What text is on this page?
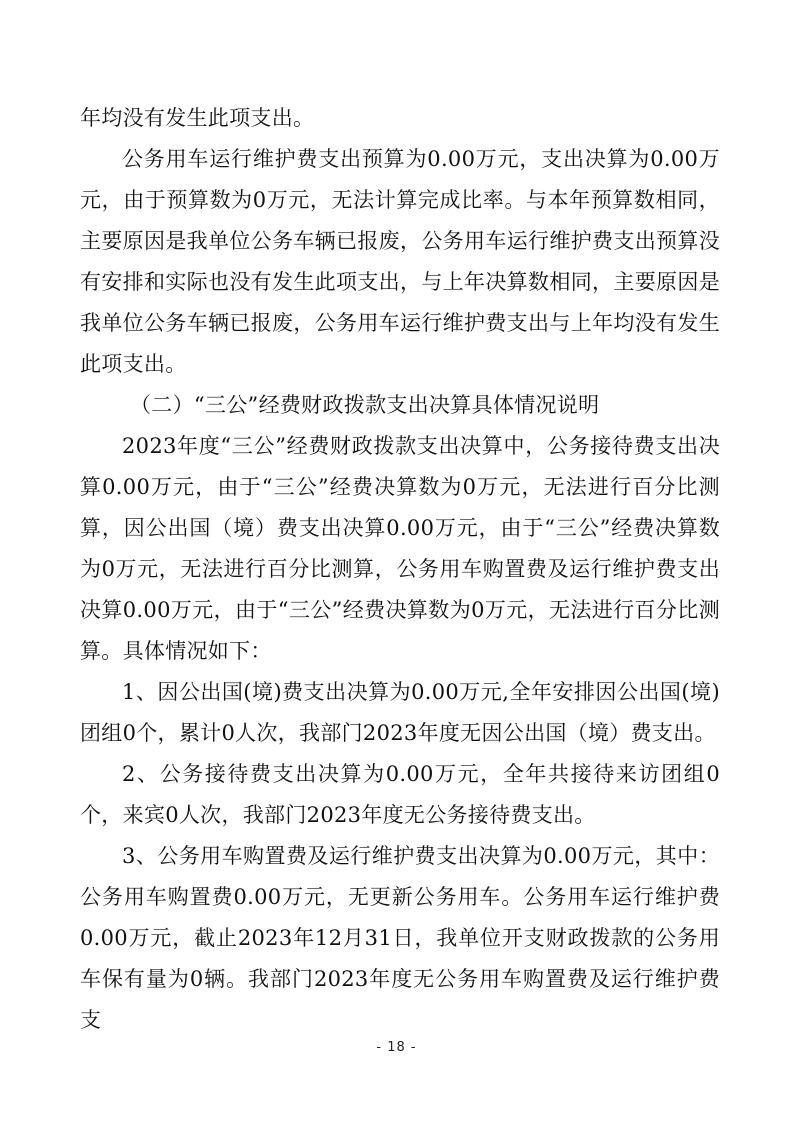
年均没有发生此项支出。

公务用车运行维护费支出预算为0.00万元，支出决算为0.00万元，由于预算数为0万元，无法计算完成比率。与本年预算数相同，主要原因是我单位公务车辆已报废，公务用车运行维护费支出预算没有安排和实际也没有发生此项支出，与上年决算数相同，主要原因是我单位公务车辆已报废，公务用车运行维护费支出与上年均没有发生此项支出。

（二）“三公”经费财政拨款支出决算具体情况说明

2023年度“三公”经费财政拨款支出决算中，公务接待费支出决算0.00万元，由于“三公”经费决算数为0万元，无法进行百分比测算，因公出国（境）费支出决算0.00万元，由于“三公”经费决算数为0万元，无法进行百分比测算，公务用车购置费及运行维护费支出决算0.00万元，由于“三公”经费决算数为0万元，无法进行百分比测算。具体情况如下：

1、因公出国(境)费支出决算为0.00万元,全年安排因公出国(境)团组0个，累计0人次，我部门2023年度无因公出国（境）费支出。

2、公务接待费支出决算为0.00万元，全年共接待来访团组0个，来宾0人次，我部门2023年度无公务接待费支出。

3、公务用车购置费及运行维护费支出决算为0.00万元，其中：公务用车购置费0.00万元，无更新公务用车。公务用车运行维护费0.00万元，截止2023年12月31日，我单位开支财政拨款的公务用车保有量为0辆。我部门2023年度无公务用车购置费及运行维护费支

- 18 -
